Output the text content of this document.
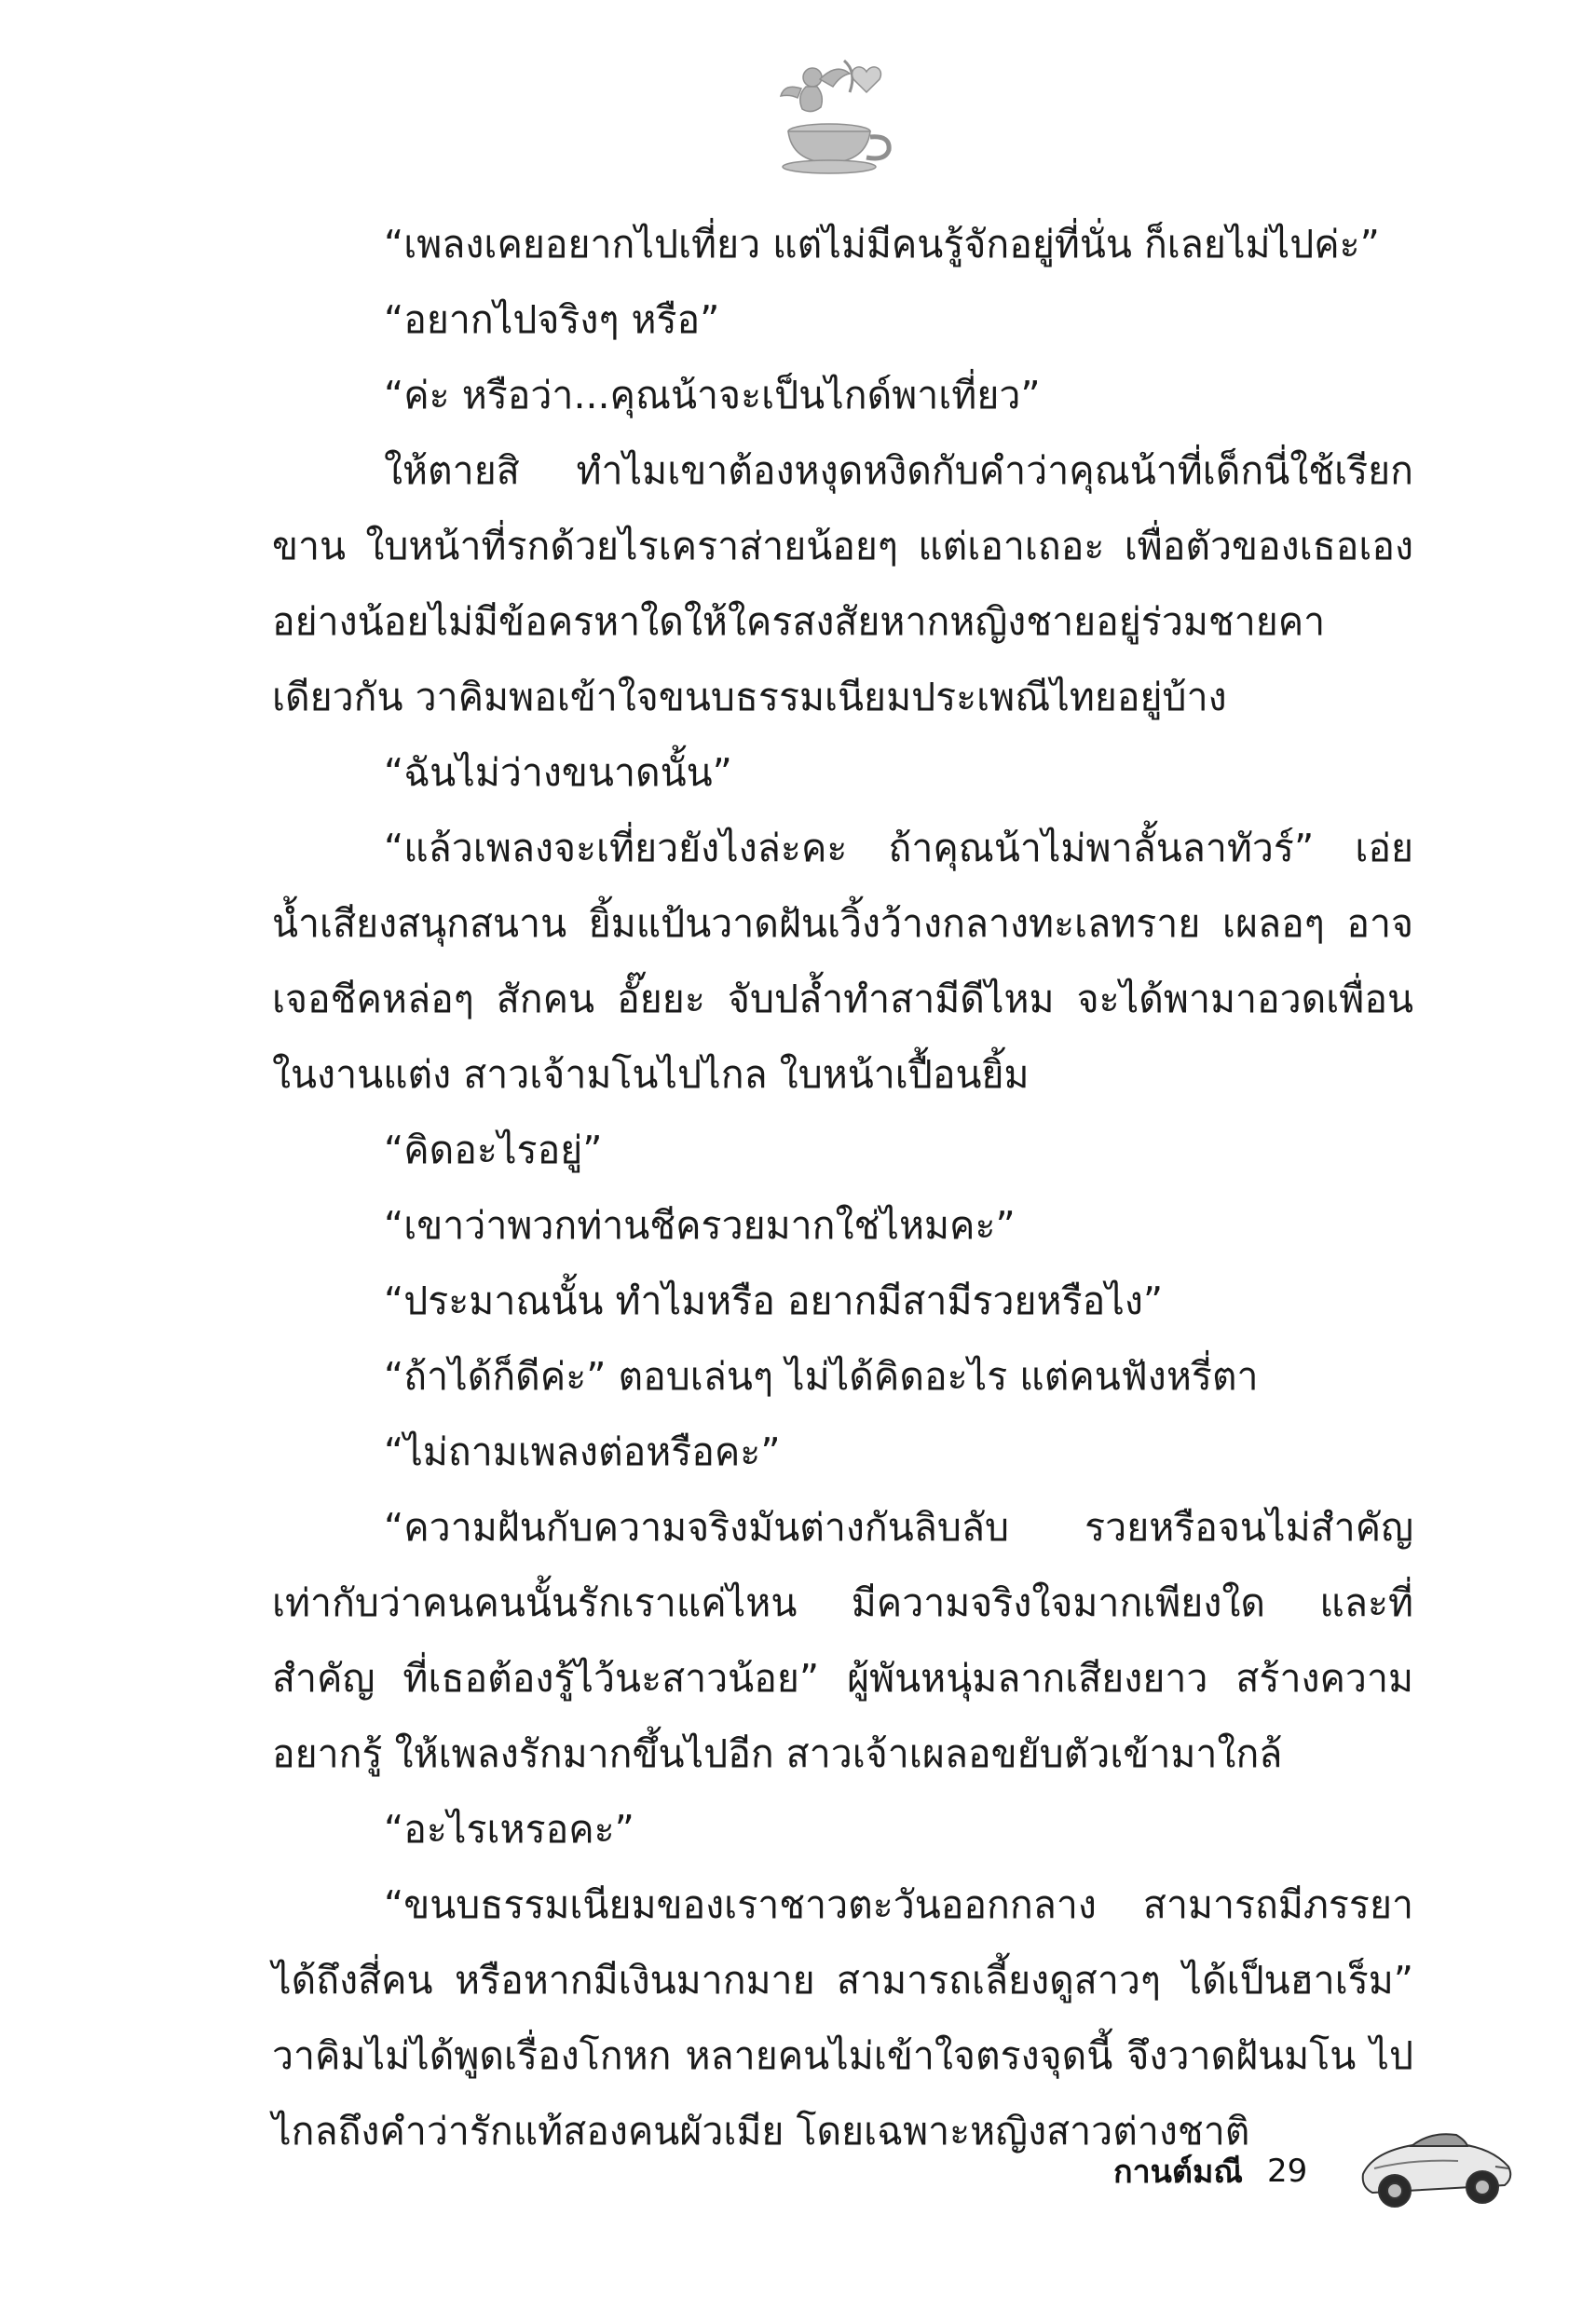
“เพลงเคยอยากไปเที่ยว แต่ไม่มีคนรู้จักอยู่ที่นั่น ก็เลยไม่ไปค่ะ”

“อยากไปจริงๆ หรือ”

“ค่ะ หรือว่า...คุณน้าจะเป็นไกด์พาเที่ยว”

ให้ตายสิ ทำไมเขาต้องหงุดหงิดกับคำว่าคุณน้าที่เด็กนี่ใช้เรียกขาน ใบหน้าที่รกด้วยไรเคราส่ายน้อยๆ แต่เอาเถอะ เพื่อตัวของเธอเอง อย่างน้อยไม่มีข้อครหาใดให้ใครสงสัยหากหญิงชายอยู่ร่วมชายคา เดียวกัน วาคิมพอเข้าใจขนบธรรมเนียมประเพณีไทยอยู่บ้าง

“ฉันไม่ว่างขนาดนั้น”

“แล้วเพลงจะเที่ยวยังไงล่ะคะ ถ้าคุณน้าไม่พาลั้นลาทัวร์” เอ่ย น้ำเสียงสนุกสนาน ยิ้มแป้นวาดฝันเวิ้งว้างกลางทะเลทราย เผลอๆ อาจ เจอชีคหล่อๆ สักคน อั๊ยยะ จับปล้ำทำสามีดีไหม จะได้พามาอวดเพื่อน ในงานแต่ง สาวเจ้ามโนไปไกล ใบหน้าเปื้อนยิ้ม

“คิดอะไรอยู่”

“เขาว่าพวกท่านชีครวยมากใช่ไหมคะ”

“ประมาณนั้น ทำไมหรือ อยากมีสามีรวยหรือไง”

“ถ้าได้ก็ดีค่ะ” ตอบเล่นๆ ไม่ได้คิดอะไร แต่คนฟังหรี่ตา

“ไม่ถามเพลงต่อหรือคะ”

“ความฝันกับความจริงมันต่างกันลิบลับ รวยหรือจนไม่สำคัญ เท่ากับว่าคนคนนั้นรักเราแค่ไหน มีความจริงใจมากเพียงใด และที่สำคัญ ที่เธอต้องรู้ไว้นะสาวน้อย” ผู้พันหนุ่มลากเสียงยาว สร้างความอยากรู้ ให้เพลงรักมากขึ้นไปอีก สาวเจ้าเผลอขยับตัวเข้ามาใกล้

“อะไรเหรอคะ”

“ขนบธรรมเนียมของเราชาวตะวันออกกลาง สามารถมีภรรยา ได้ถึงสี่คน หรือหากมีเงินมากมาย สามารถเลี้ยงดูสาวๆ ได้เป็นฮาเร็ม” วาคิมไม่ได้พูดเรื่องโกหก หลายคนไม่เข้าใจตรงจุดนี้ จึงวาดฝันมโน ไปไกลถึงคำว่ารักแท้สองคนผัวเมีย โดยเฉพาะหญิงสาวต่างชาติ

กานต์มณี 29
